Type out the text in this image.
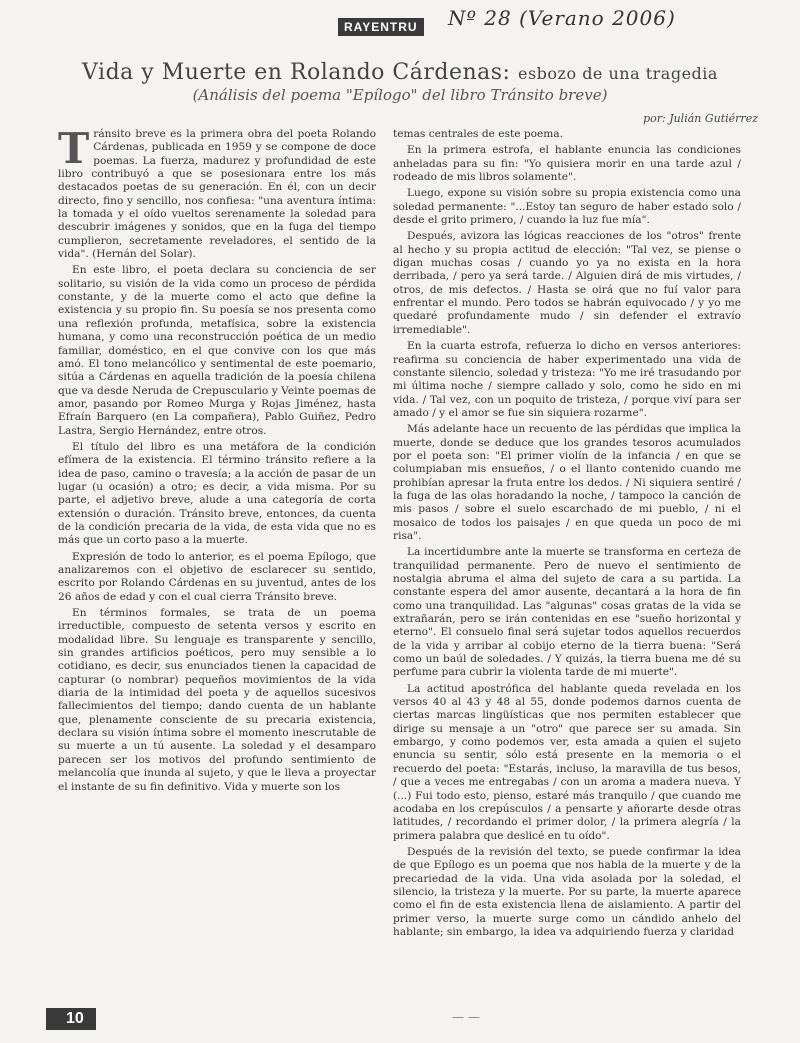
RAYENTRU	Nº 28 (Verano 2006)
Vida y Muerte en Rolando Cárdenas: esbozo de una tragedia
(Análisis del poema "Epílogo" del libro Tránsito breve)
por: Julián Gutiérrez

Tránsito breve es la primera obra del poeta Rolando Cárdenas, publicada en 1959 y se compone de doce poemas. La fuerza, madurez y profundidad de este libro contribuyó a que se posesionara entre los más destacados poetas de su generación. En él, con un decir directo, fino y sencillo, nos confiesa: "una aventura íntima: la tomada y el oído vueltos serenamente la soledad para descubrir imágenes y sonidos, que en la fuga del tiempo cumplieron, secretamente reveladores, el sentido de la vida". (Hernán del Solar).

En este libro, el poeta declara su conciencia de ser solitario, su visión de la vida como un proceso de pérdida constante, y de la muerte como el acto que define la existencia y su propio fin. Su poesía se nos presenta como una reflexión profunda, metafísica, sobre la existencia humana, y como una reconstrucción poética de un medio familiar, doméstico, en el que convive con los que más amó. El tono melancólico y sentimental de este poemario, sitúa a Cárdenas en aquella tradición de la poesía chilena que va desde Neruda de Crepusculario y Veinte poemas de amor, pasando por Romeo Murga y Rojas Jiménez, hasta Efraín Barquero (en La compañera), Pablo Guiñez, Pedro Lastra, Sergio Hernández, entre otros.

El título del libro es una metáfora de la condición efímera de la existencia. El término tránsito refiere a la idea de paso, camino o travesía; a la acción de pasar de un lugar (u ocasión) a otro; es decir, a vida misma. Por su parte, el adjetivo breve, alude a una categoría de corta extensión o duración. Tránsito breve, entonces, da cuenta de la condición precaria de la vida, de esta vida que no es más que un corto paso a la muerte.

Expresión de todo lo anterior, es el poema Epílogo, que analizaremos con el objetivo de esclarecer su sentido, escrito por Rolando Cárdenas en su juventud, antes de los 26 años de edad y con el cual cierra Tránsito breve.

En términos formales, se trata de un poema irreductible, compuesto de setenta versos y escrito en modalidad libre. Su lenguaje es transparente y sencillo, sin grandes artificios poéticos, pero muy sensible a lo cotidiano, es decir, sus enunciados tienen la capacidad de capturar (o nombrar) pequeños movimientos de la vida diaria de la intimidad del poeta y de aquellos sucesivos fallecimientos del tiempo; dando cuenta de un hablante que, plenamente consciente de su precaria existencia, declara su visión íntima sobre el momento inescrutable de su muerte a un tú ausente. La soledad y el desamparo parecen ser los motivos del profundo sentimiento de melancolía que inunda al sujeto, y que le lleva a proyectar el instante de su fin definitivo. Vida y muerte son los

temas centrales de este poema.

En la primera estrofa, el hablante enuncia las condiciones anheladas para su fin: "Yo quisiera morir en una tarde azul / rodeado de mis libros solamente".

Luego, expone su visión sobre su propia existencia como una soledad permanente: "...Estoy tan seguro de haber estado solo / desde el grito primero, / cuando la luz fue mía".

Después, avizora las lógicas reacciones de los "otros" frente al hecho y su propia actitud de elección: "Tal vez, se piense o digan muchas cosas / cuando yo ya no exista en la hora derribada, / pero ya será tarde. / Alguien dirá de mis virtudes, / otros, de mis defectos. / Hasta se oirá que no fuí valor para enfrentar el mundo. Pero todos se habrán equivocado / y yo me quedaré profundamente mudo / sin defender el extravío irremediable".

En la cuarta estrofa, refuerza lo dicho en versos anteriores: reafirma su conciencia de haber experimentado una vida de constante silencio, soledad y tristeza: "Yo me iré trasudando por mi última noche / siempre callado y solo, como he sido en mi vida. / Tal vez, con un poquito de tristeza, / porque viví para ser amado / y el amor se fue sin siquiera rozarme".

Más adelante hace un recuento de las pérdidas que implica la muerte, donde se deduce que los grandes tesoros acumulados por el poeta son: "El primer violín de la infancia / en que se columpiaban mis ensueños, / o el llanto contenido cuando me prohibían apresar la fruta entre los dedos. / Ni siquiera sentiré / la fuga de las olas horadando la noche, / tampoco la canción de mis pasos / sobre el suelo escarchado de mi pueblo, / ni el mosaico de todos los paisajes / en que queda un poco de mi risa".

La incertidumbre ante la muerte se transforma en certeza de tranquilidad permanente. Pero de nuevo el sentimiento de nostalgia abruma el alma del sujeto de cara a su partida. La constante espera del amor ausente, decantará a la hora de fin como una tranquilidad. Las "algunas" cosas gratas de la vida se extrañarán, pero se irán contenidas en ese "sueño horizontal y eterno". El consuelo final será sujetar todos aquellos recuerdos de la vida y arribar al cobijo eterno de la tierra buena: "Será como un baúl de soledades. / Y quizás, la tierra buena me dé su perfume para cubrir la violenta tarde de mi muerte".

La actitud apostrófica del hablante queda revelada en los versos 40 al 43 y 48 al 55, donde podemos darnos cuenta de ciertas marcas lingüísticas que nos permiten establecer que dirige su mensaje a un "otro" que parece ser su amada. Sin embargo, y como podemos ver, esta amada a quien el sujeto enuncia su sentir, sólo está presente en la memoria o el recuerdo del poeta: "Estarás, incluso, la maravilla de tus besos, / que a veces me entregabas / con un aroma a madera nueva. Y (...) Fui todo esto, pienso, estaré más tranquilo / que cuando me acodaba en los crepúsculos / a pensarte y añorarte desde otras latitudes, / recordando el primer dolor, / la primera alegría / la primera palabra que deslicé en tu oído".

Después de la revisión del texto, se puede confirmar la idea de que Epílogo es un poema que nos habla de la muerte y de la precariedad de la vida. Una vida asolada por la soledad, el silencio, la tristeza y la muerte. Por su parte, la muerte aparece como el fin de esta existencia llena de aislamiento. A partir del primer verso, la muerte surge como un cándido anhelo del hablante; sin embargo, la idea va adquiriendo fuerza y claridad

10	— —
